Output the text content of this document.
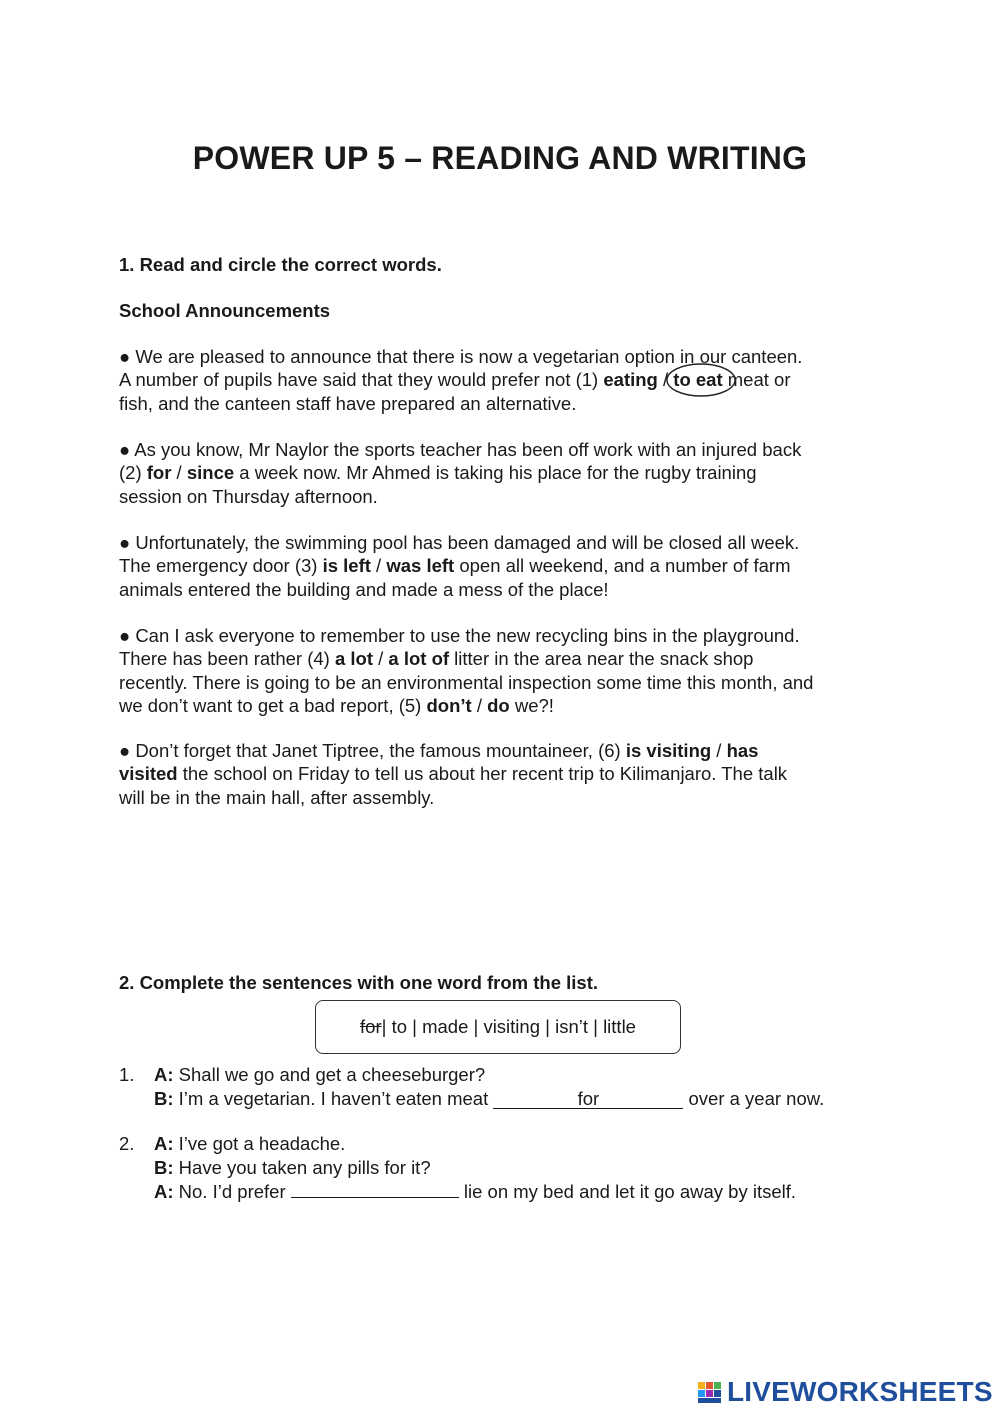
POWER UP 5 – READING AND WRITING

1. Read and circle the correct words.

School Announcements

● We are pleased to announce that there is now a vegetarian option in our canteen.
A number of pupils have said that they would prefer not (1) eating / to eat
meat or
fish, and the canteen staff have prepared an alternative.
● As you know, Mr Naylor the sports teacher has been off work with an injured back
(2) for / since a week now. Mr Ahmed is taking his place for the rugby training
session on Thursday afternoon.
● Unfortunately, the swimming pool has been damaged and will be closed all week.
The emergency door (3) is left / was left open all weekend, and a number of farm
animals entered the building and made a mess of the place!
● Can I ask everyone to remember to use the new recycling bins in the playground.
There has been rather (4) a lot / a lot of litter in the area near the snack shop
recently. There is going to be an environmental inspection some time this month, and
we don’t want to get a bad report, (5) don’t / do we?!
● Don’t forget that Janet Tiptree, the famous mountaineer, (6) is visiting / has
visited the school on Friday to tell us about her recent trip to Kilimanjaro. The talk
will be in the main hall, after assembly.

2. Complete the sentences with one word from the list.

for | to | made | visiting | isn’t | little
1. A: Shall we go and get a cheeseburger?
B: I’m a vegetarian. I haven’t eaten meat	for	over a year now.
2. A: I’ve got a headache.
B: Have you taken any pills for it?
A: No. I’d prefer	lie on my bed and let it go away by itself.
LIVEWORKSHEETS
